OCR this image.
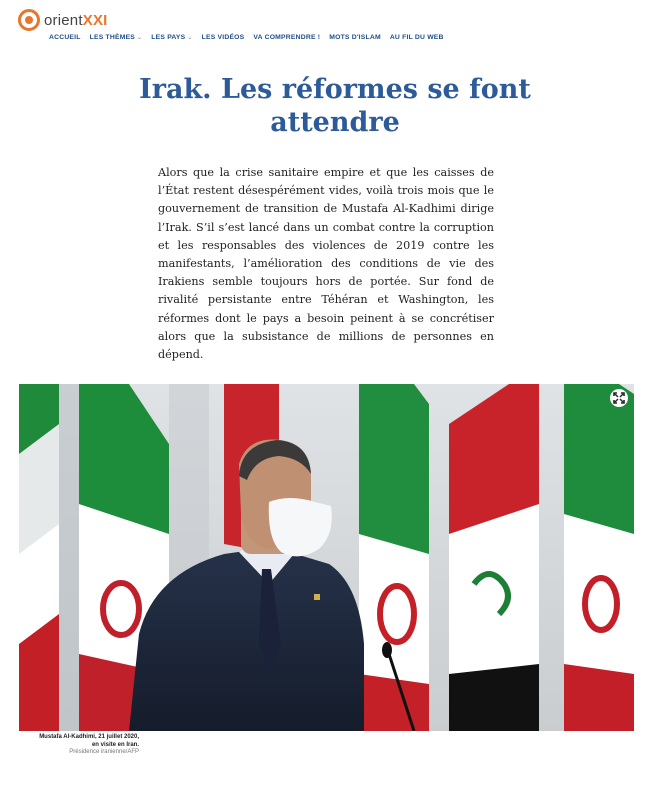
orientXXI
ACCUEIL LES THÈMES ⌄ LES PAYS ⌄ LES VIDÉOS VA COMPRENDRE ! MOTS D'ISLAM AU FIL DU WEB
Irak. Les réformes se font
attendre

Alors que la crise sanitaire empire et que les caisses de l’État restent désespérément vides, voilà trois mois que le gouvernement de transition de Mustafa Al-Kadhimi dirige l’Irak. S’il s’est lancé dans un combat contre la corruption et les responsables des violences de 2019 contre les manifestants, l’amélioration des conditions de vie des Irakiens semble toujours hors de portée. Sur fond de rivalité persistante entre Téhéran et Washington, les réformes dont le pays a besoin peinent à se concrétiser alors que la subsistance de millions de personnes en dépend.

Mustafa Al-Kadhimi, 21 juillet 2020,
en visite en Iran.
Présidence iranienne/AFP
